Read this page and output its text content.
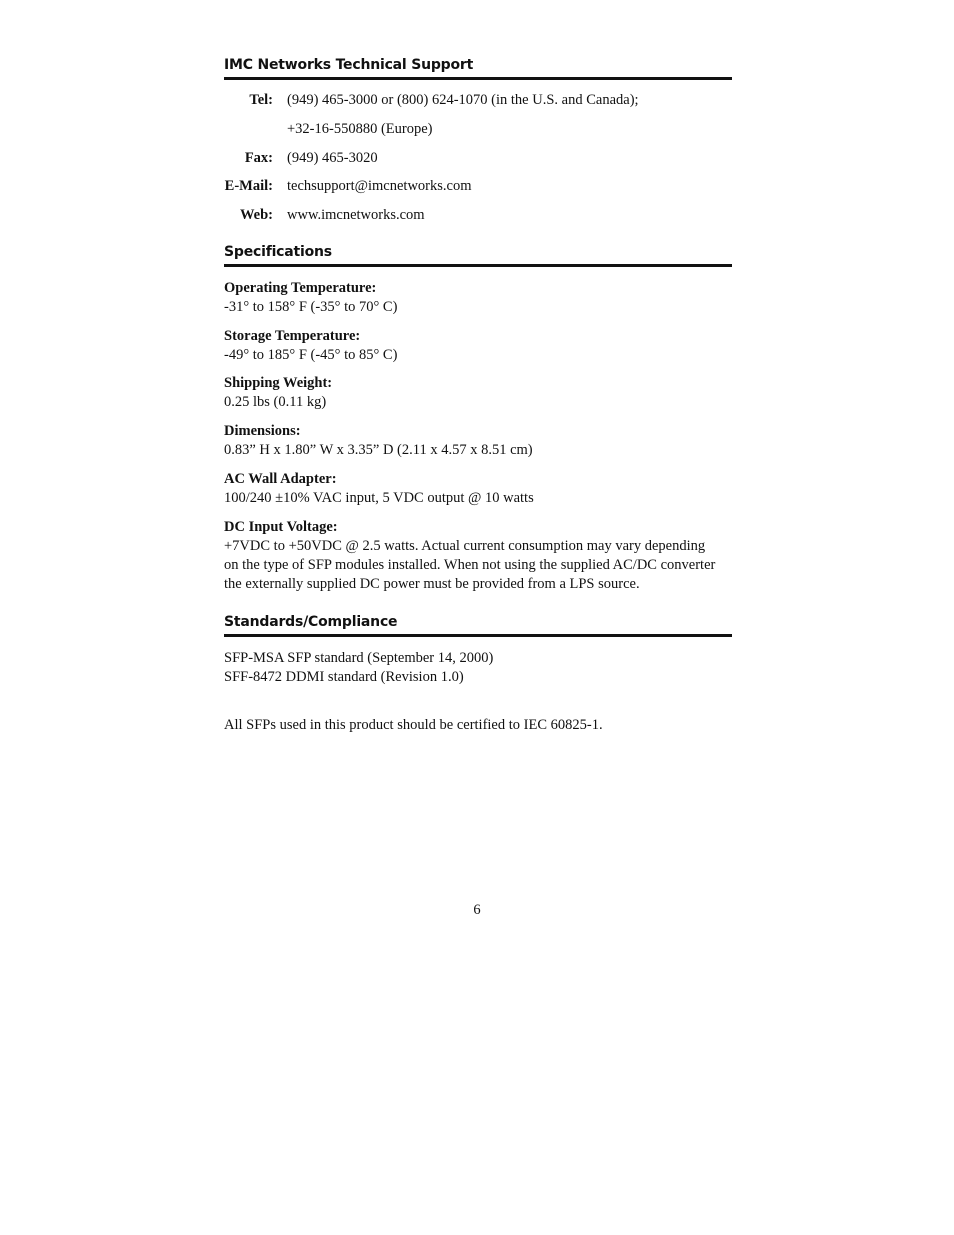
IMC Networks Technical Support
Tel: (949) 465-3000 or (800) 624-1070 (in the U.S. and Canada);
+32-16-550880 (Europe)
Fax: (949) 465-3020
E-Mail: techsupport@imcnetworks.com
Web: www.imcnetworks.com
Specifications
Operating Temperature:
-31° to 158° F (-35° to 70° C)
Storage Temperature:
-49° to 185° F (-45° to 85° C)
Shipping Weight:
0.25 lbs (0.11 kg)
Dimensions:
0.83” H x 1.80” W x 3.35” D (2.11 x 4.57 x 8.51 cm)
AC Wall Adapter:
100/240 ±10% VAC input, 5 VDC output @ 10 watts
DC Input Voltage:
+7VDC to +50VDC @ 2.5 watts. Actual current consumption may vary depending
on the type of SFP modules installed. When not using the supplied AC/DC converter
the externally supplied DC power must be provided from a LPS source.
Standards/Compliance
SFP-MSA SFP standard (September 14, 2000)
SFF-8472 DDMI standard (Revision 1.0)
All SFPs used in this product should be certified to IEC 60825-1.
6
